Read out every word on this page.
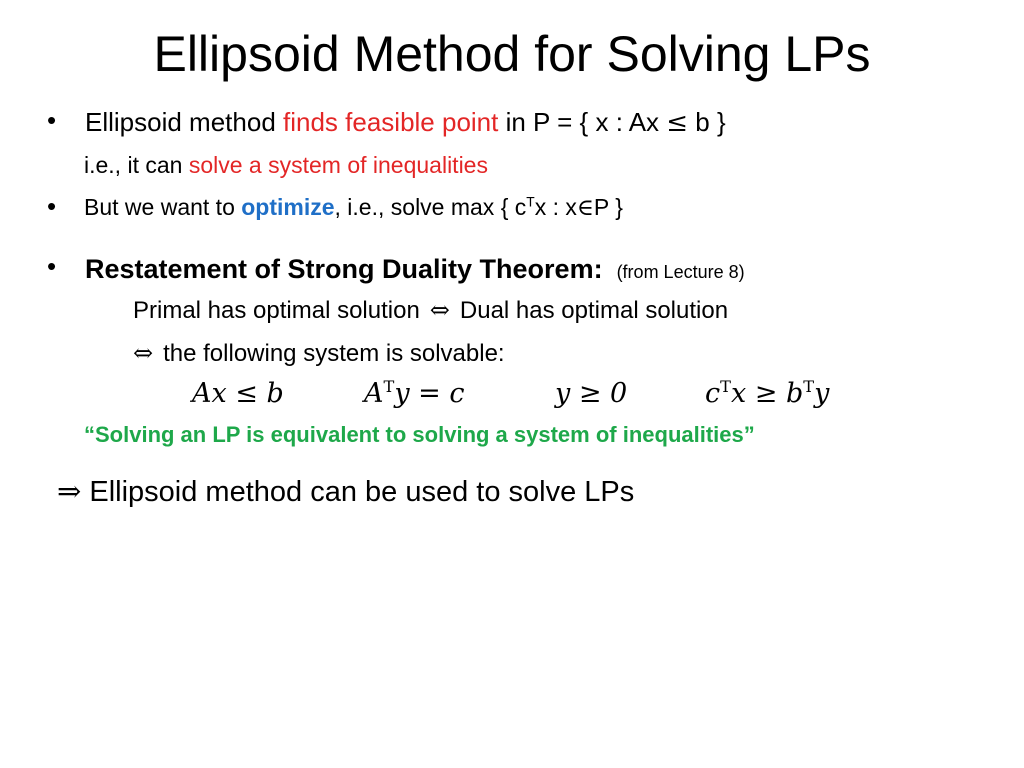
Ellipsoid Method for Solving LPs
• Ellipsoid method finds feasible point in P = { x : Ax ≤ b }
i.e., it can solve a system of inequalities
• But we want to optimize, i.e., solve max { $c^Tx$ : x∈P }
• Restatement of Strong Duality Theorem: (from Lecture 8)
Primal has optimal solution ⇔ Dual has optimal solution
⇔ the following system is solvable:
Ax ≤ b	$A^Ty = c$	y ≥ 0	$c^Tx \ge b^Ty$
“Solving an LP is equivalent to solving a system of inequalities”
⇒ Ellipsoid method can be used to solve LPs
